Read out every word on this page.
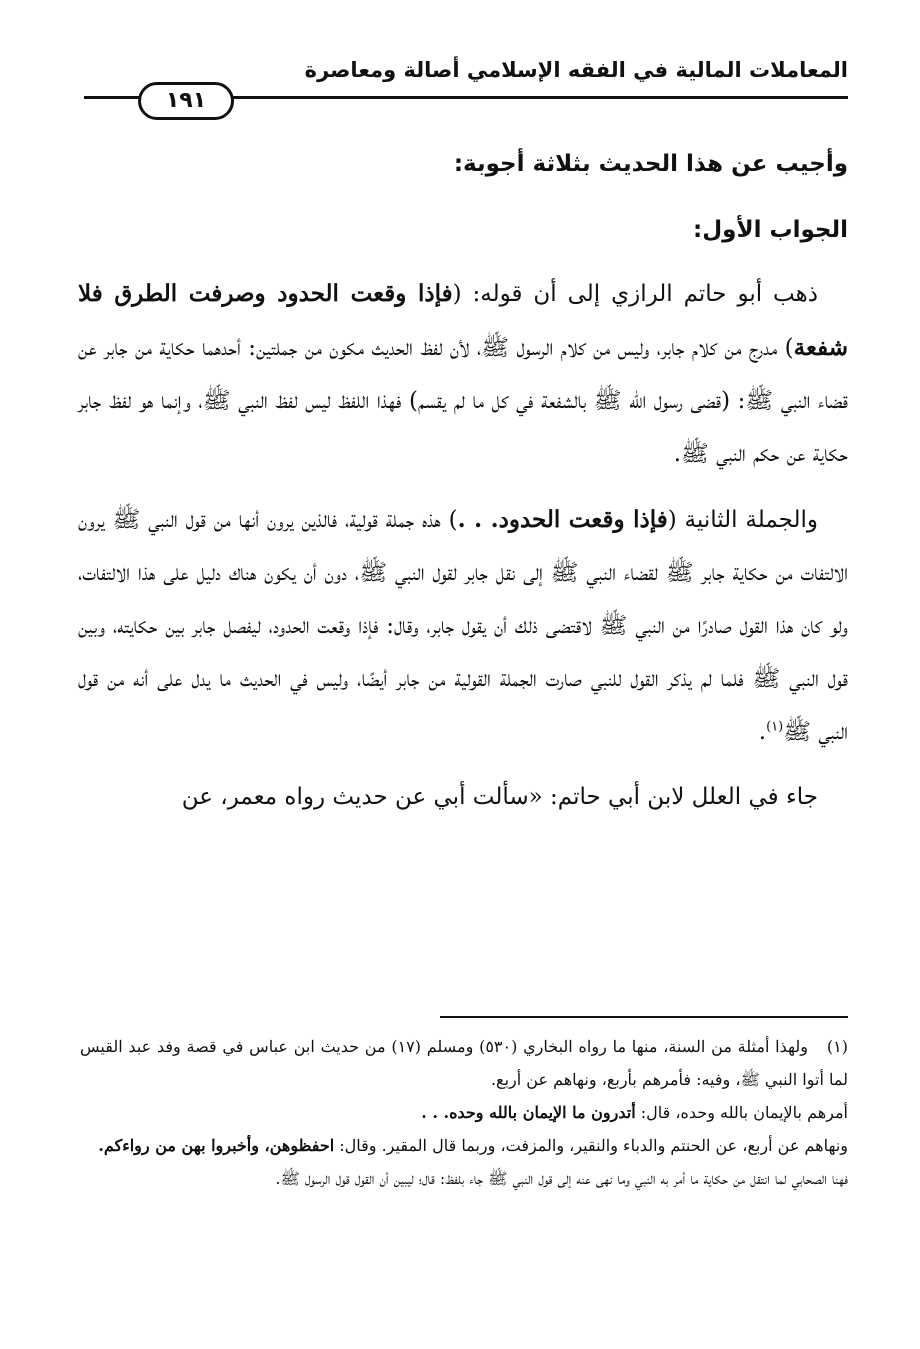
المعاملات المالية في الفقه الإسلامي أصالة ومعاصرة
١٩١

وأجيب عن هذا الحديث بثلاثة أجوبة:

الجواب الأول:

ذهب أبو حاتم الرازي إلى أن قوله: (فإذا وقعت الحدود وصرفت الطرق فلا شفعة) مدرج من كلام جابر، وليس من كلام الرسول ﷺ، لأن لفظ الحديث مكون من جملتين: أحدهما حكاية من جابر عن قضاء النبي ﷺ: (قضى رسول الله ﷺ بالشفعة في كل ما لم يقسم) فهذا اللفظ ليس لفظ النبي ﷺ، وإنما هو لفظ جابر حكاية عن حكم النبي ﷺ.

والجملة الثانية (فإذا وقعت الحدود. . .) هذه جملة قولية، فالذين يرون أنها من قول النبي ﷺ يرون الالتفات من حكاية جابر ﷺ لقضاء النبي ﷺ إلى نقل جابر لقول النبي ﷺ، دون أن يكون هناك دليل على هذا الالتفات، ولو كان هذا القول صادرًا من النبي ﷺ لاقتضى ذلك أن يقول جابر، وقال: فإذا وقعت الحدود، ليفصل جابر بين حكايته، وبين قول النبي ﷺ فلما لم يذكر القول للنبي صارت الجملة القولية من جابر أيضًا، وليس في الحديث ما يدل على أنه من قول النبي ﷺ$^{(١)}$.

جاء في العلل لابن أبي حاتم: «سألت أبي عن حديث رواه معمر، عن

(١)ولهذا أمثلة من السنة، منها ما رواه البخاري (٥٣٠) ومسلم (١٧) من حديث ابن عباس في قصة وفد عبد القيس لما أتوا النبي ﷺ، وفيه: فأمرهم بأربع، ونهاهم عن أربع.

أمرهم بالإيمان بالله وحده، قال: أتدرون ما الإيمان بالله وحده. . .

ونهاهم عن أربع، عن الحنتم والدباء والنقير، والمزفت، وربما قال المقير. وقال: احفظوهن، وأخبروا بهن من رواءكم.

فهنا الصحابي لما انتقل من حكاية ما أمر به النبي وما نهى عنه إلى قول النبي ﷺ جاء بلفظ: قال؛ ليبين أن القول قول الرسول ﷺ.
